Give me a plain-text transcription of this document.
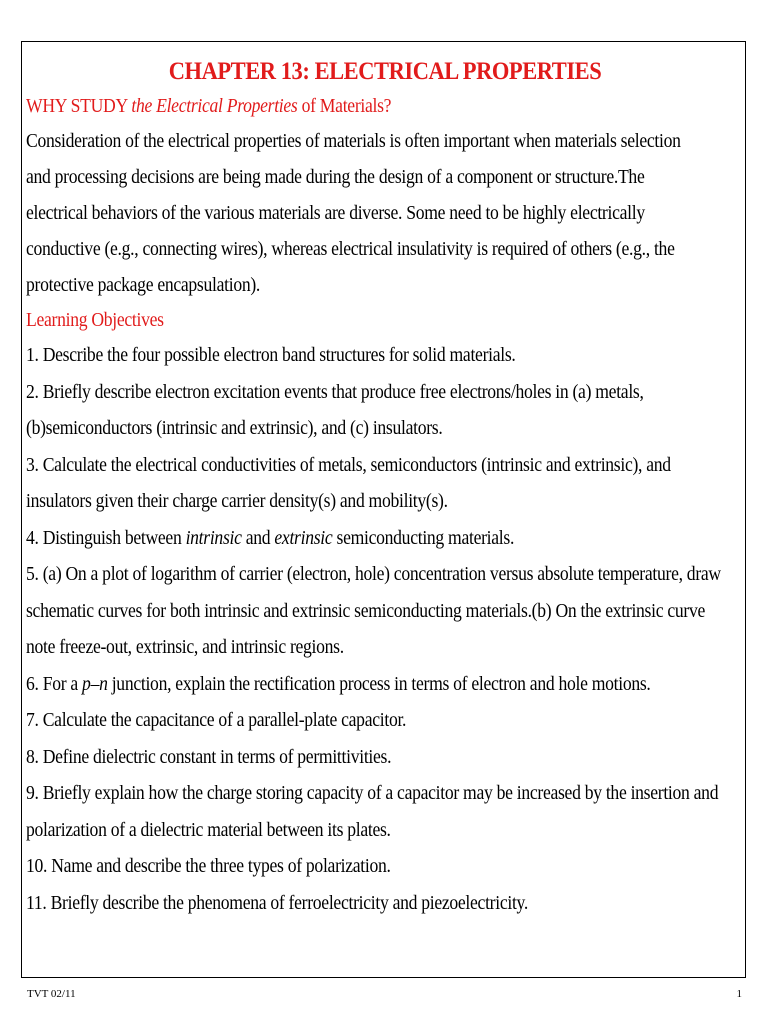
CHAPTER 13: ELECTRICAL PROPERTIES
WHY STUDY the Electrical Properties of Materials?
Consideration of the electrical properties of materials is often important when materials selection
and processing decisions are being made during the design of a component or structure.The
electrical behaviors of the various materials are diverse. Some need to be highly electrically
conductive (e.g., connecting wires), whereas electrical insulativity is required of others (e.g., the
protective package encapsulation).
Learning Objectives
1. Describe the four possible electron band structures for solid materials.
2. Briefly describe electron excitation events that produce free electrons/holes in (a) metals,
(b)semiconductors (intrinsic and extrinsic), and (c) insulators.
3. Calculate the electrical conductivities of metals, semiconductors (intrinsic and extrinsic), and
insulators given their charge carrier density(s) and mobility(s).
4. Distinguish between intrinsic and extrinsic semiconducting materials.
5. (a) On a plot of logarithm of carrier (electron, hole) concentration versus absolute temperature, draw
schematic curves for both intrinsic and extrinsic semiconducting materials.(b) On the extrinsic curve
note freeze-out, extrinsic, and intrinsic regions.
6. For a p–n junction, explain the rectification process in terms of electron and hole motions.
7. Calculate the capacitance of a parallel-plate capacitor.
8. Define dielectric constant in terms of permittivities.
9. Briefly explain how the charge storing capacity of a capacitor may be increased by the insertion and
polarization of a dielectric material between its plates.
10. Name and describe the three types of polarization.
11. Briefly describe the phenomena of ferroelectricity and piezoelectricity.
TVT 02/11	1
